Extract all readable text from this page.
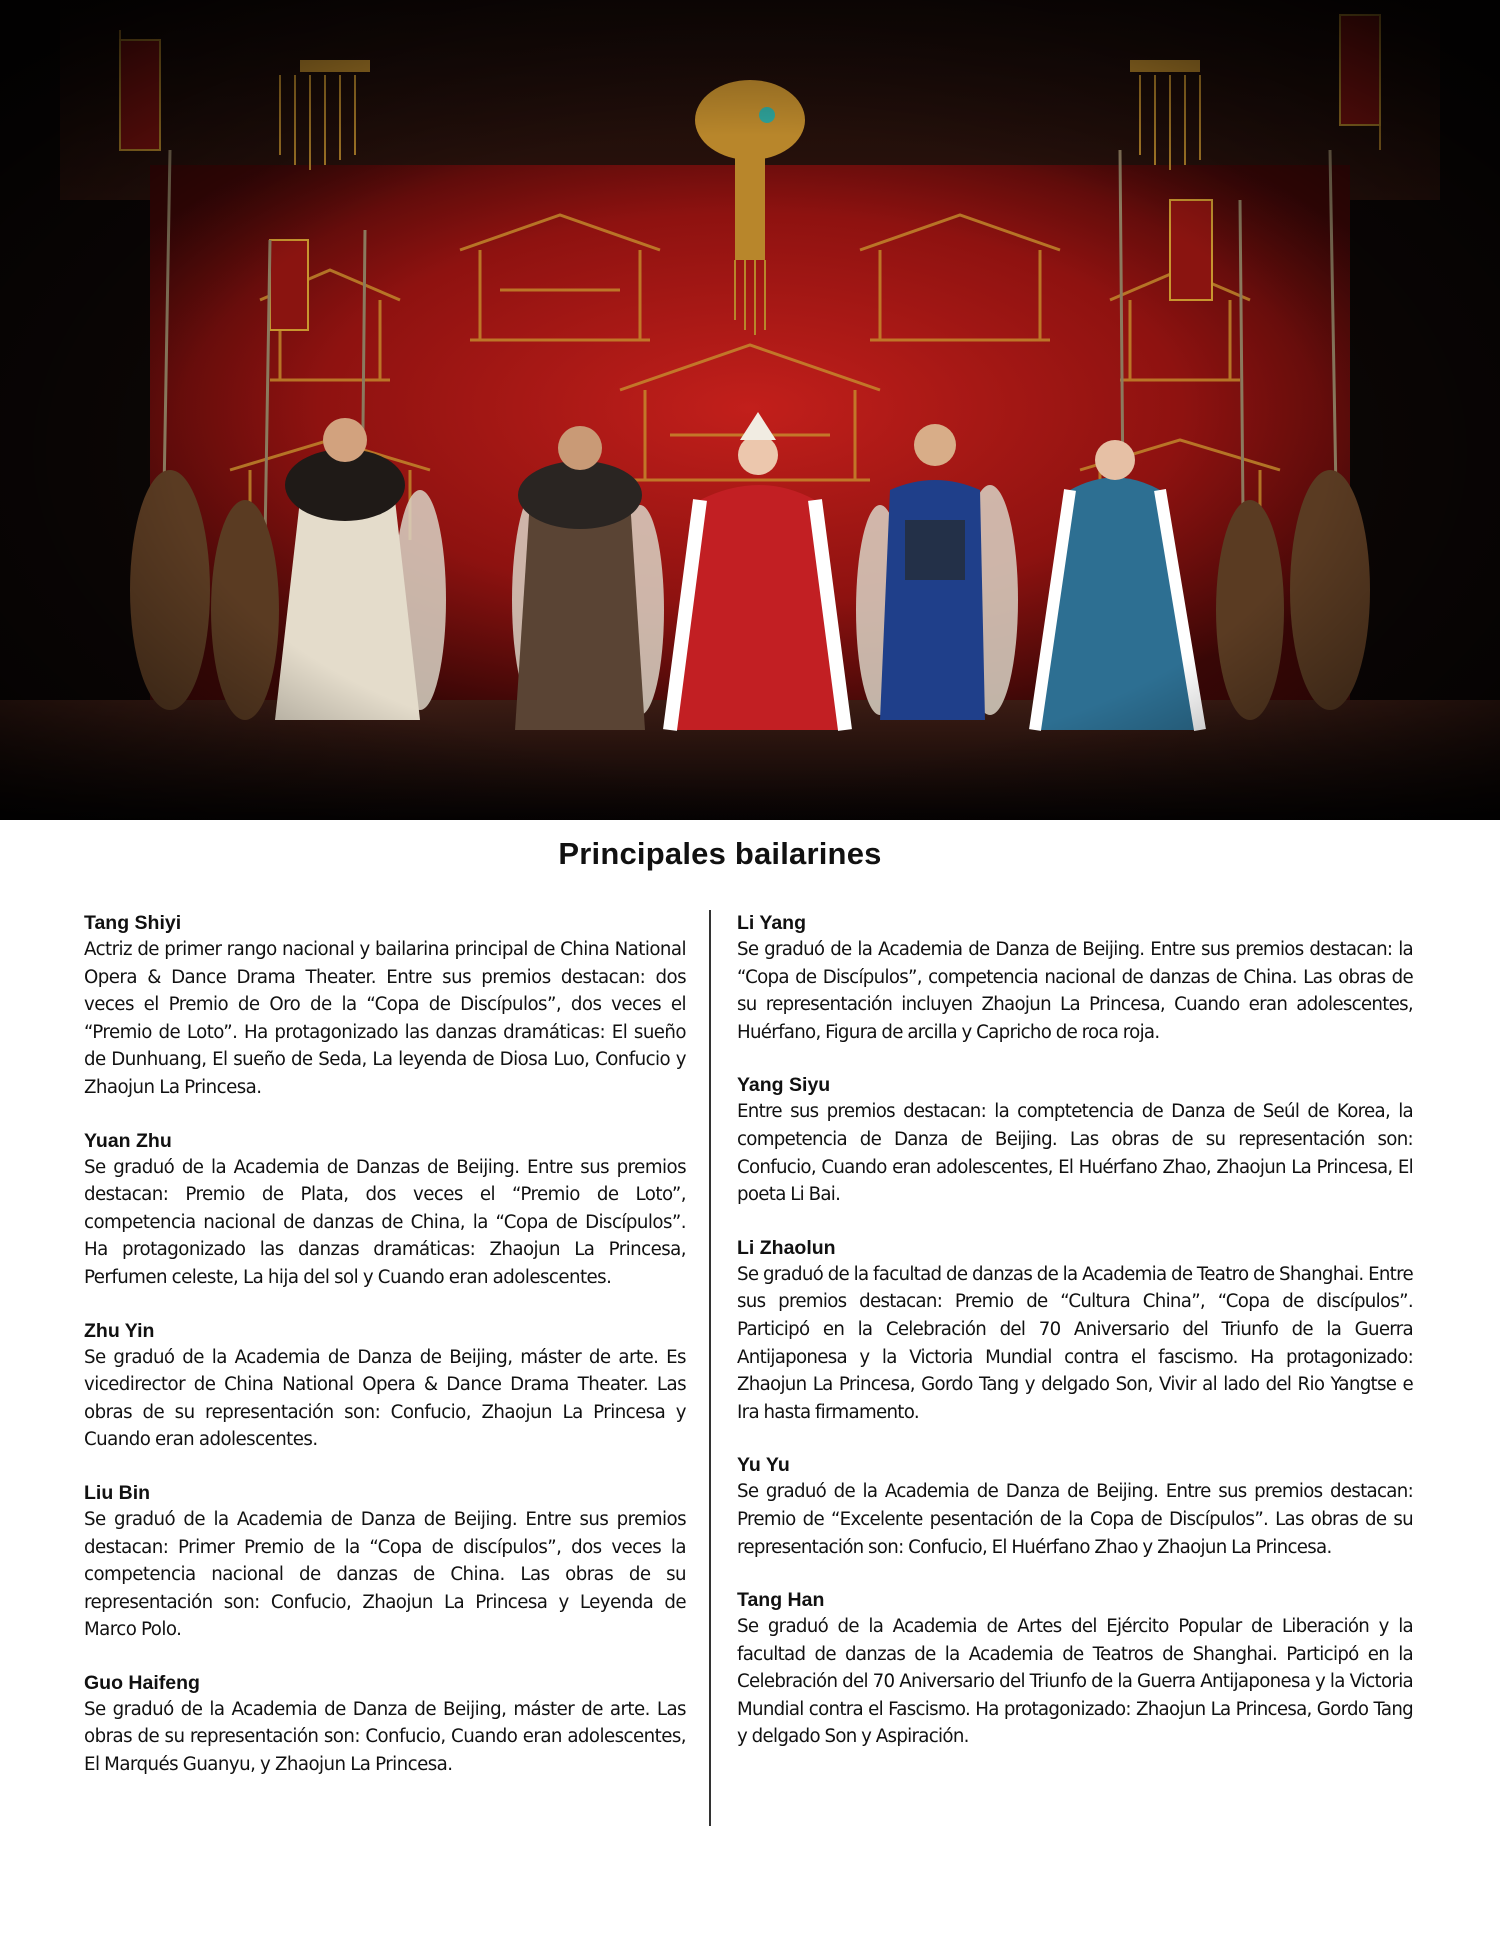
Principales bailarines

Tang Shiyi

Actriz de primer rango nacional y bailarina principal de China National Opera & Dance Drama Theater. Entre sus premios destacan: dos veces el Premio de Oro de la “Copa de Discípulos”, dos veces el “Premio de Loto”. Ha protagonizado las danzas dramáticas: El sueño de Dunhuang, El sueño de Seda, La leyenda de Diosa Luo, Confucio y Zhaojun La Princesa.

Yuan Zhu

Se graduó de la Academia de Danzas de Beijing. Entre sus premios destacan: Premio de Plata, dos veces el “Premio de Loto”, competencia nacional de danzas de China, la “Copa de Discípulos”. Ha protagonizado las danzas dramáticas: Zhaojun La Princesa, Perfumen celeste, La hija del sol y Cuando eran adolescentes.

Zhu Yin

Se graduó de la Academia de Danza de Beijing, máster de arte. Es vicedirector de China National Opera & Dance Drama Theater. Las obras de su representación son: Confucio, Zhaojun La Princesa y Cuando eran adolescentes.

Liu Bin

Se graduó de la Academia de Danza de Beijing. Entre sus premios destacan: Primer Premio de la “Copa de discípulos”, dos veces la competencia nacional de danzas de China. Las obras de su representación son: Confucio, Zhaojun La Princesa y Leyenda de Marco Polo.

Guo Haifeng

Se graduó de la Academia de Danza de Beijing, máster de arte. Las obras de su representación son: Confucio, Cuando eran adolescentes, El Marqués Guanyu, y Zhaojun La Princesa.

Li Yang

Se graduó de la Academia de Danza de Beijing. Entre sus premios destacan: la “Copa de Discípulos”, competencia nacional de danzas de China. Las obras de su representación incluyen Zhaojun La Princesa, Cuando eran adolescentes, Huérfano, Figura de arcilla y Capricho de roca roja.

Yang Siyu

Entre sus premios destacan: la comptetencia de Danza de Seúl de Korea, la competencia de Danza de Beijing. Las obras de su representación son: Confucio, Cuando eran adolescentes, El Huérfano Zhao, Zhaojun La Princesa, El poeta Li Bai.

Li Zhaolun

Se graduó de la facultad de danzas de la Academia de Teatro de Shanghai. Entre sus premios destacan: Premio de “Cultura China”, “Copa de discípulos”. Participó en la Celebración del 70 Aniversario del Triunfo de la Guerra Antijaponesa y la Victoria Mundial contra el fascismo. Ha protagonizado: Zhaojun La Princesa, Gordo Tang y delgado Son, Vivir al lado del Rio Yangtse e Ira hasta firmamento.

Yu Yu

Se graduó de la Academia de Danza de Beijing. Entre sus premios destacan: Premio de “Excelente pesentación de la Copa de Discípulos”. Las obras de su representación son: Confucio, El Huérfano Zhao y Zhaojun La Princesa.

Tang Han

Se graduó de la Academia de Artes del Ejército Popular de Liberación y la facultad de danzas de la Academia de Teatros de Shanghai. Participó en la Celebración del 70 Aniversario del Triunfo de la Guerra Antijaponesa y la Victoria Mundial contra el Fascismo. Ha protagonizado: Zhaojun La Princesa, Gordo Tang y delgado Son y Aspiración.
